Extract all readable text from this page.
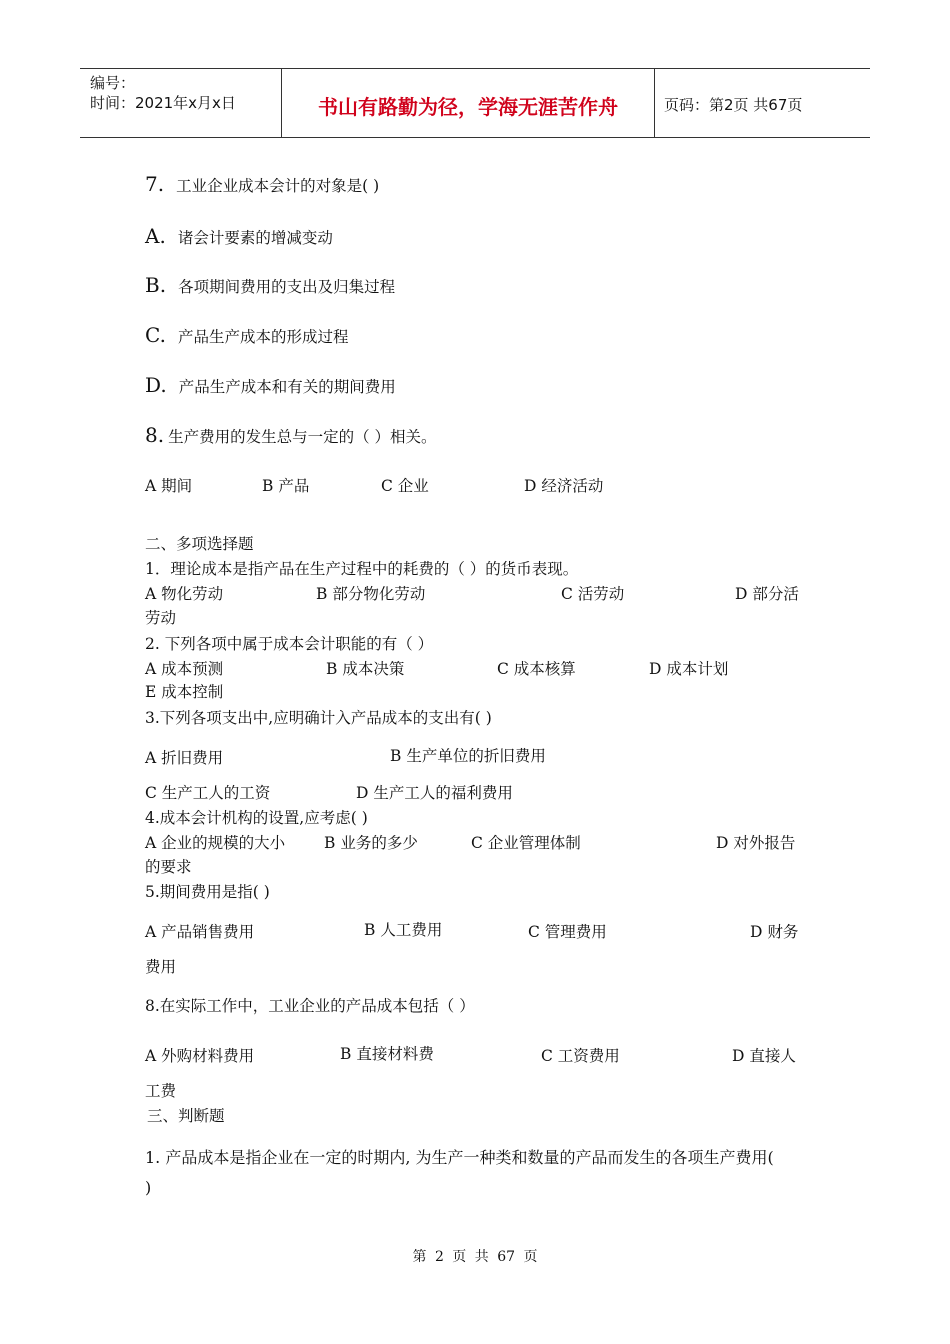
编号：
时间：2021年x月x日	书山有路勤为径，学海无涯苦作舟	页码：第2页 共67页
7. 工业企业成本会计的对象是( )
A. 诸会计要素的增减变动
B. 各项期间费用的支出及归集过程
C. 产品生产成本的形成过程
D. 产品生产成本和有关的期间费用
8. 生产费用的发生总与一定的（ ）相关。
A 期间	B 产品	C 企业	D 经济活动
二、多项选择题
1．理论成本是指产品在生产过程中的耗费的（ ）的货币表现。
A 物化劳动	B 部分物化劳动	C 活劳动	D 部分活
劳动
2. 下列各项中属于成本会计职能的有（ ）
A 成本预测	B 成本决策	C 成本核算	D 成本计划
E 成本控制
3.下列各项支出中,应明确计入产品成本的支出有( )
A 折旧费用	B 生产单位的折旧费用
C 生产工人的工资	D 生产工人的福利费用
4.成本会计机构的设置,应考虑( )
A 企业的规模的大小	B 业务的多少	C 企业管理体制	D 对外报告
的要求
5.期间费用是指( )
A 产品销售费用	B 人工费用	C 管理费用	D 财务
费用
8.在实际工作中，工业企业的产品成本包括（ ）
A 外购材料费用	B 直接材料费	C 工资费用	D 直接人
工费
三、判断题
1. 产品成本是指企业在一定的时期内, 为生产一种类和数量的产品而发生的各项生产费用(
)
第 2 页 共 67 页
